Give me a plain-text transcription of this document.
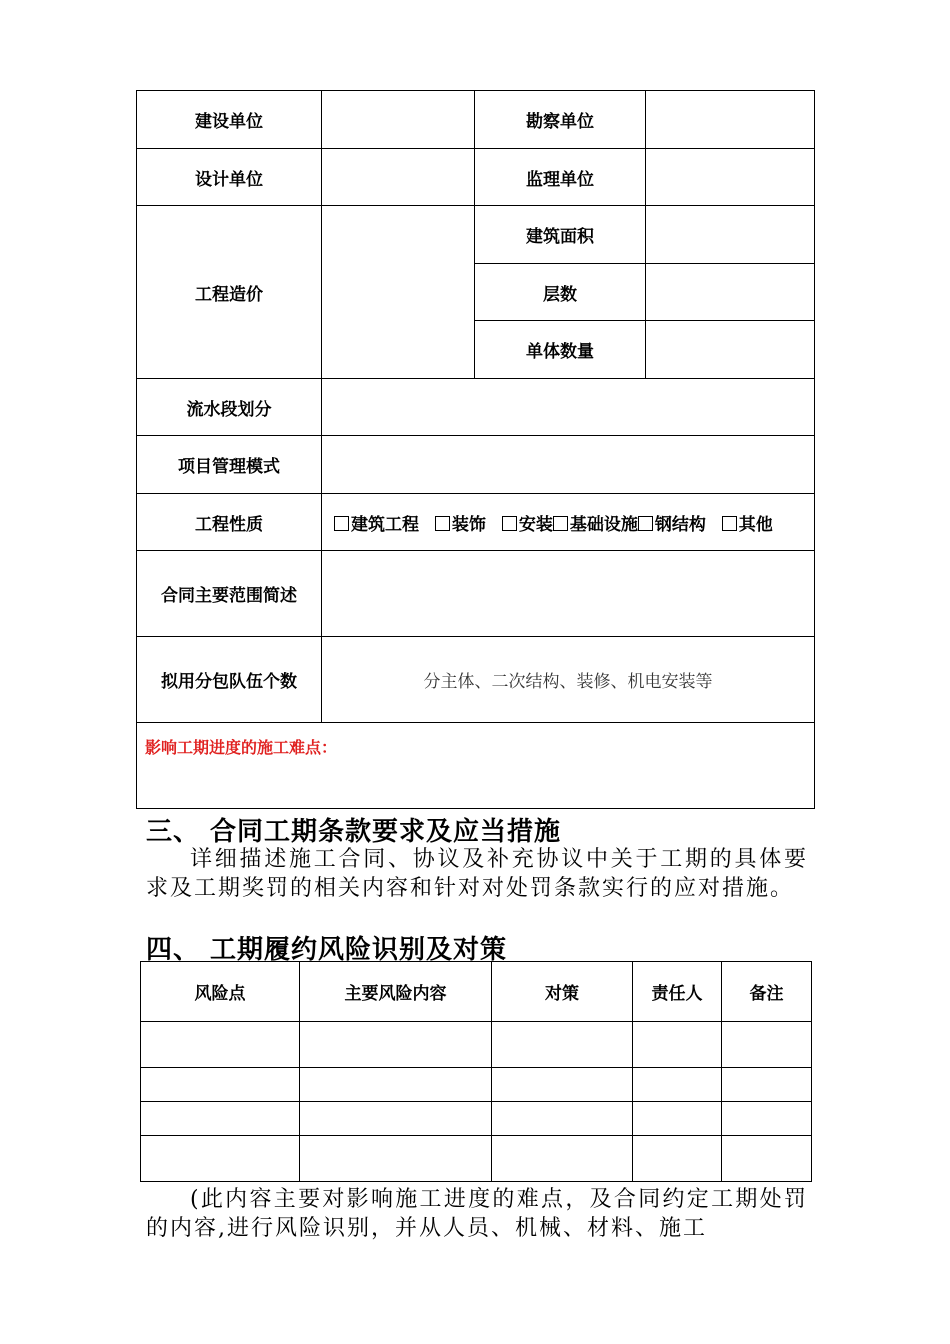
建设单位		勘察单位	
设计单位		监理单位	
工程造价		建筑面积	
		层数	
		单体数量	
流水段划分			
项目管理模式			
工程性质	建筑工程 装饰 安装 基础设施 钢结构 其他		
合同主要范围简述			
拟用分包队伍个数	分主体、二次结构、装修、机电安装等		
影响工期进度的施工难点：			
三、 合同工期条款要求及应当措施

详细描述施工合同、协议及补充协议中关于工期的具体要求及工期奖罚的相关内容和针对对处罚条款实行的应对措施。

四、 工期履约风险识别及对策
风险点	主要风险内容	对策	责任人	备注

(此内容主要对影响施工进度的难点，及合同约定工期处罚的内容,进行风险识别，并从人员、机械、材料、施工
